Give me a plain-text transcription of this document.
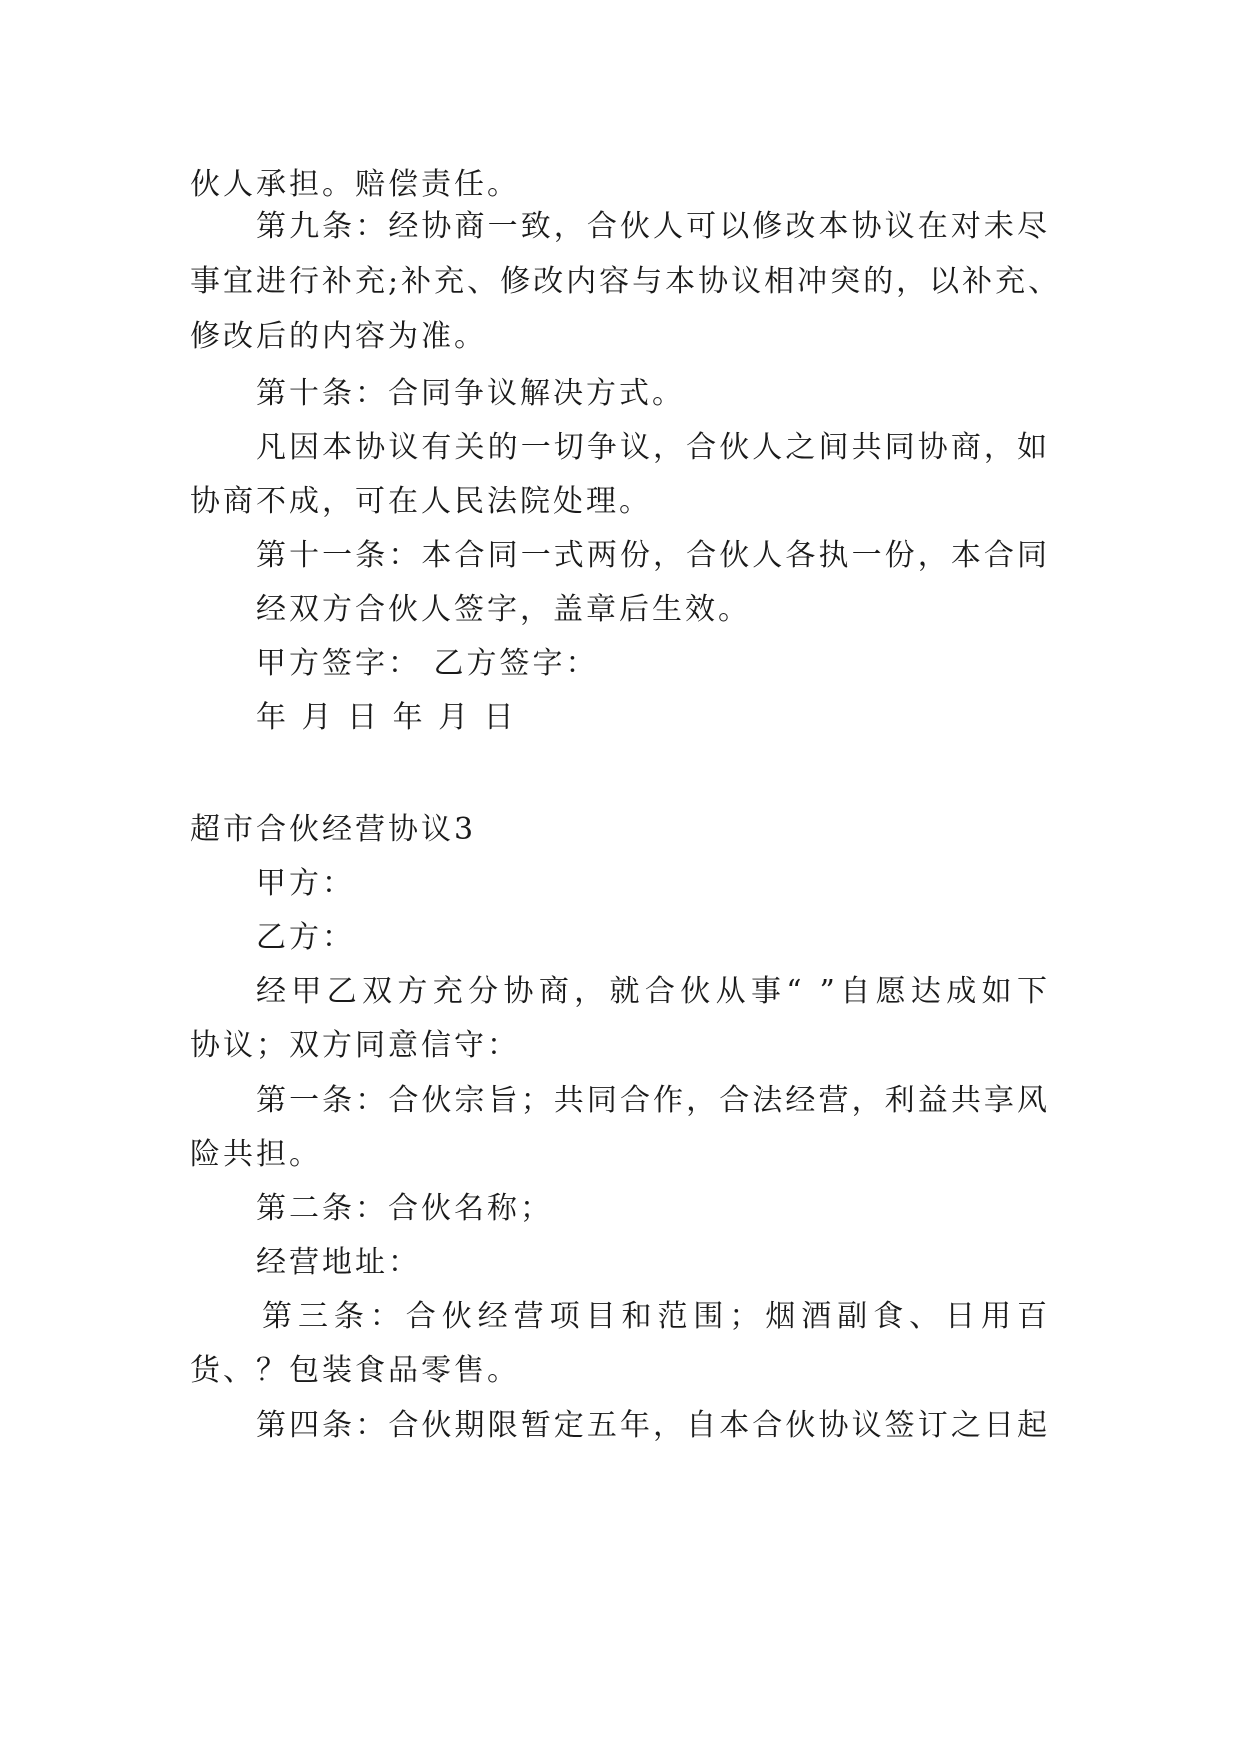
伙人承担。赔偿责任。
第九条：经协商一致，合伙人可以修改本协议在对未尽
事宜进行补充;补充、修改内容与本协议相冲突的，以补充、
修改后的内容为准。
第十条：合同争议解决方式。
凡因本协议有关的一切争议，合伙人之间共同协商，如
协商不成，可在人民法院处理。
第十一条：本合同一式两份，合伙人各执一份，本合同
经双方合伙人签字，盖章后生效。
甲方签字： 乙方签字：
年 月 日 年 月 日
超市合伙经营协议3
甲方：
乙方：
经甲乙双方充分协商，就合伙从事“ ”自愿达成如下
协议；双方同意信守：
第一条：合伙宗旨；共同合作，合法经营，利益共享风
险共担。
第二条：合伙名称；
经营地址：
第三条：合伙经营项目和范围；烟酒副食、日用百
货、？包装食品零售。
第四条：合伙期限暂定五年，自本合伙协议签订之日起
